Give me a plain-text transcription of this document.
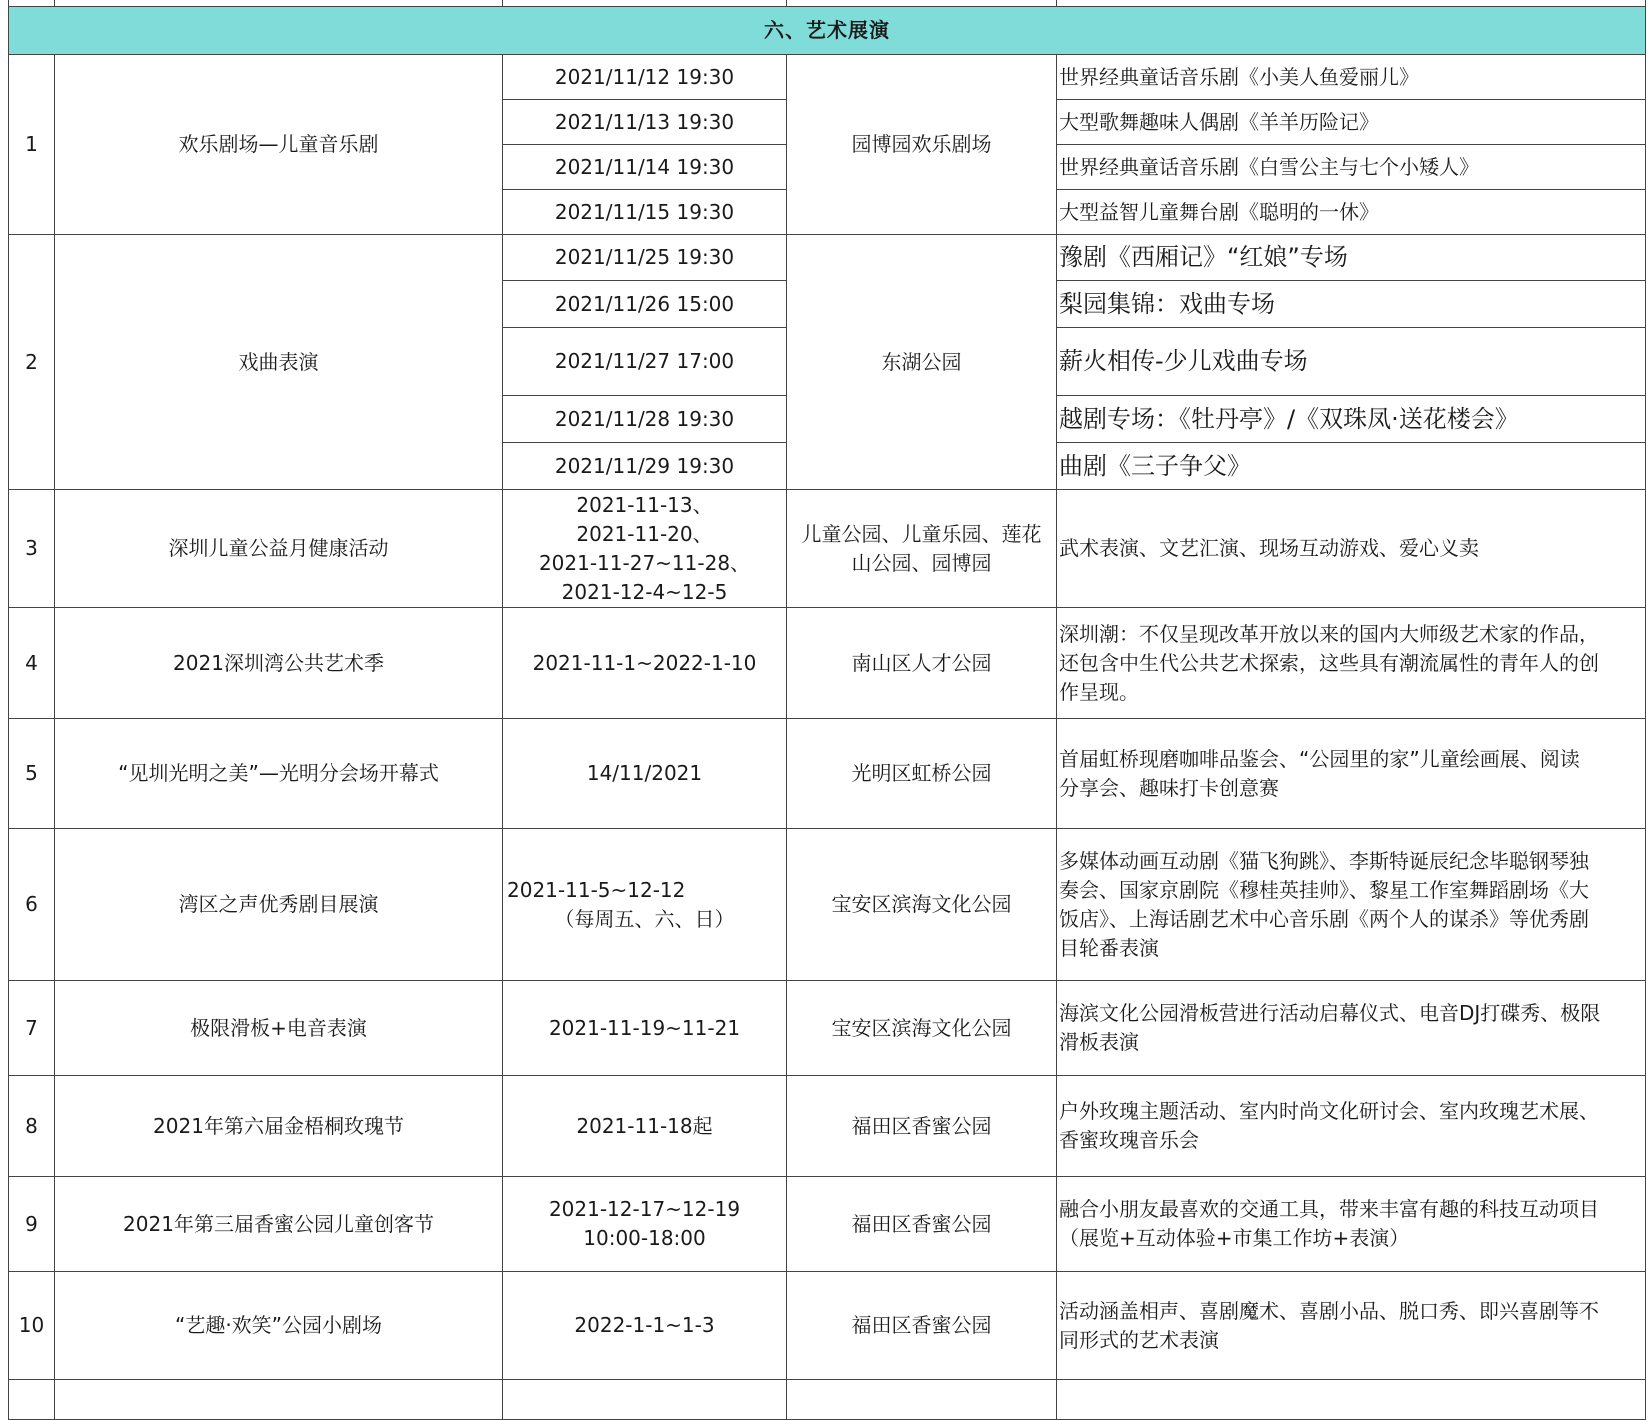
六、艺术展演				
1	欢乐剧场—儿童音乐剧	2021/11/12 19:30	园博园欢乐剧场	世界经典童话音乐剧《小美人鱼爱丽儿》
		2021/11/13 19:30		大型歌舞趣味人偶剧《羊羊历险记》
		2021/11/14 19:30		世界经典童话音乐剧《白雪公主与七个小矮人》
		2021/11/15 19:30		大型益智儿童舞台剧《聪明的一休》
2	戏曲表演	2021/11/25 19:30	东湖公园	豫剧《西厢记》“红娘”专场
		2021/11/26 15:00		梨园集锦：戏曲专场
		2021/11/27 17:00		薪火相传-少儿戏曲专场
		2021/11/28 19:30		越剧专场：《牡丹亭》/《双珠凤·送花楼会》
		2021/11/29 19:30		曲剧《三子争父》
3	深圳儿童公益月健康活动	2021-11-13、
2021-11-20、
2021-11-27~11-28、
2021-12-4~12-5	儿童公园、儿童乐园、莲花
山公园、园博园	武术表演、文艺汇演、现场互动游戏、爱心义卖
4	2021深圳湾公共艺术季	2021-11-1~2022-1-10	南山区人才公园	深圳潮：不仅呈现改革开放以来的国内大师级艺术家的作品，
还包含中生代公共艺术探索，这些具有潮流属性的青年人的创
作呈现。

5	“见圳光明之美”—光明分会场开幕式	14/11/2021	光明区虹桥公园	首届虹桥现磨咖啡品鉴会、“公园里的家”儿童绘画展、阅读
分享会、趣味打卡创意赛

6	湾区之声优秀剧目展演	2021-11-5~12-12
（每周五、六、日）	宝安区滨海文化公园	多媒体动画互动剧《猫飞狗跳》、李斯特诞辰纪念毕聪钢琴独
奏会、国家京剧院《穆桂英挂帅》、黎星工作室舞蹈剧场《大
饭店》、上海话剧艺术中心音乐剧《两个人的谋杀》等优秀剧
目轮番表演

7	极限滑板+电音表演	2021-11-19~11-21	宝安区滨海文化公园	海滨文化公园滑板营进行活动启幕仪式、电音DJ打碟秀、极限
滑板表演

8	2021年第六届金梧桐玫瑰节	2021-11-18起	福田区香蜜公园	户外玫瑰主题活动、室内时尚文化研讨会、室内玫瑰艺术展、
香蜜玫瑰音乐会

9	2021年第三届香蜜公园儿童创客节	2021-12-17~12-19
10:00-18:00	福田区香蜜公园	融合小朋友最喜欢的交通工具，带来丰富有趣的科技互动项目
（展览+互动体验+市集工作坊+表演）

10	“艺趣·欢笑”公园小剧场	2022-1-1~1-3	福田区香蜜公园	活动涵盖相声、喜剧魔术、喜剧小品、脱口秀、即兴喜剧等不
同形式的艺术表演
